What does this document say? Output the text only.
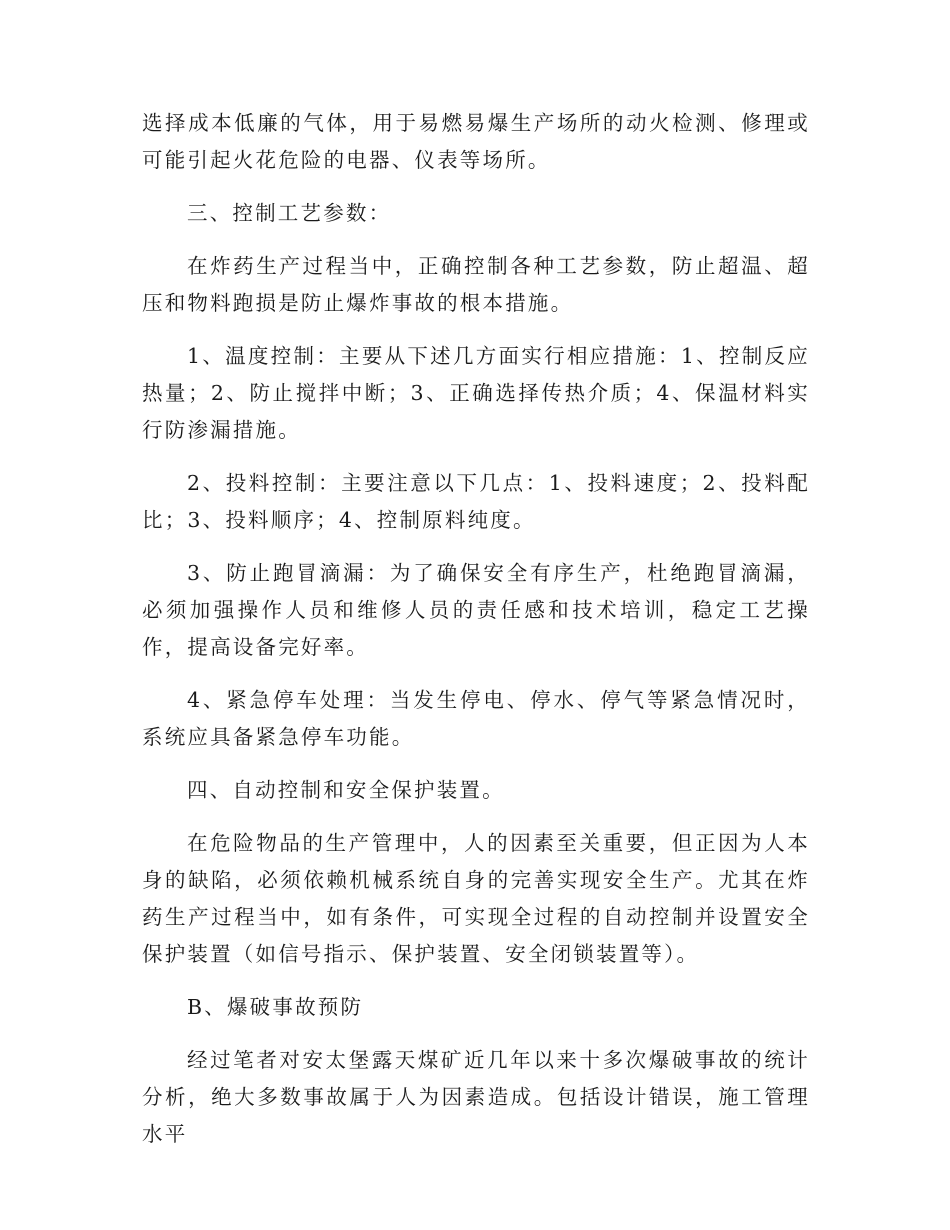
选择成本低廉的气体，用于易燃易爆生产场所的动火检测、修理或可能引起火花危险的电器、仪表等场所。

三、控制工艺参数：

在炸药生产过程当中，正确控制各种工艺参数，防止超温、超压和物料跑损是防止爆炸事故的根本措施。

1、温度控制：主要从下述几方面实行相应措施：1、控制反应热量；2、防止搅拌中断；3、正确选择传热介质；4、保温材料实行防渗漏措施。

2、投料控制：主要注意以下几点：1、投料速度；2、投料配比；3、投料顺序；4、控制原料纯度。

3、防止跑冒滴漏：为了确保安全有序生产，杜绝跑冒滴漏，必须加强操作人员和维修人员的责任感和技术培训，稳定工艺操作，提高设备完好率。

4、紧急停车处理：当发生停电、停水、停气等紧急情况时，系统应具备紧急停车功能。

四、自动控制和安全保护装置。

在危险物品的生产管理中，人的因素至关重要，但正因为人本身的缺陷，必须依赖机械系统自身的完善实现安全生产。尤其在炸药生产过程当中，如有条件，可实现全过程的自动控制并设置安全保护装置（如信号指示、保护装置、安全闭锁装置等）。

B、爆破事故预防

经过笔者对安太堡露天煤矿近几年以来十多次爆破事故的统计分析，绝大多数事故属于人为因素造成。包括设计错误，施工管理水平
